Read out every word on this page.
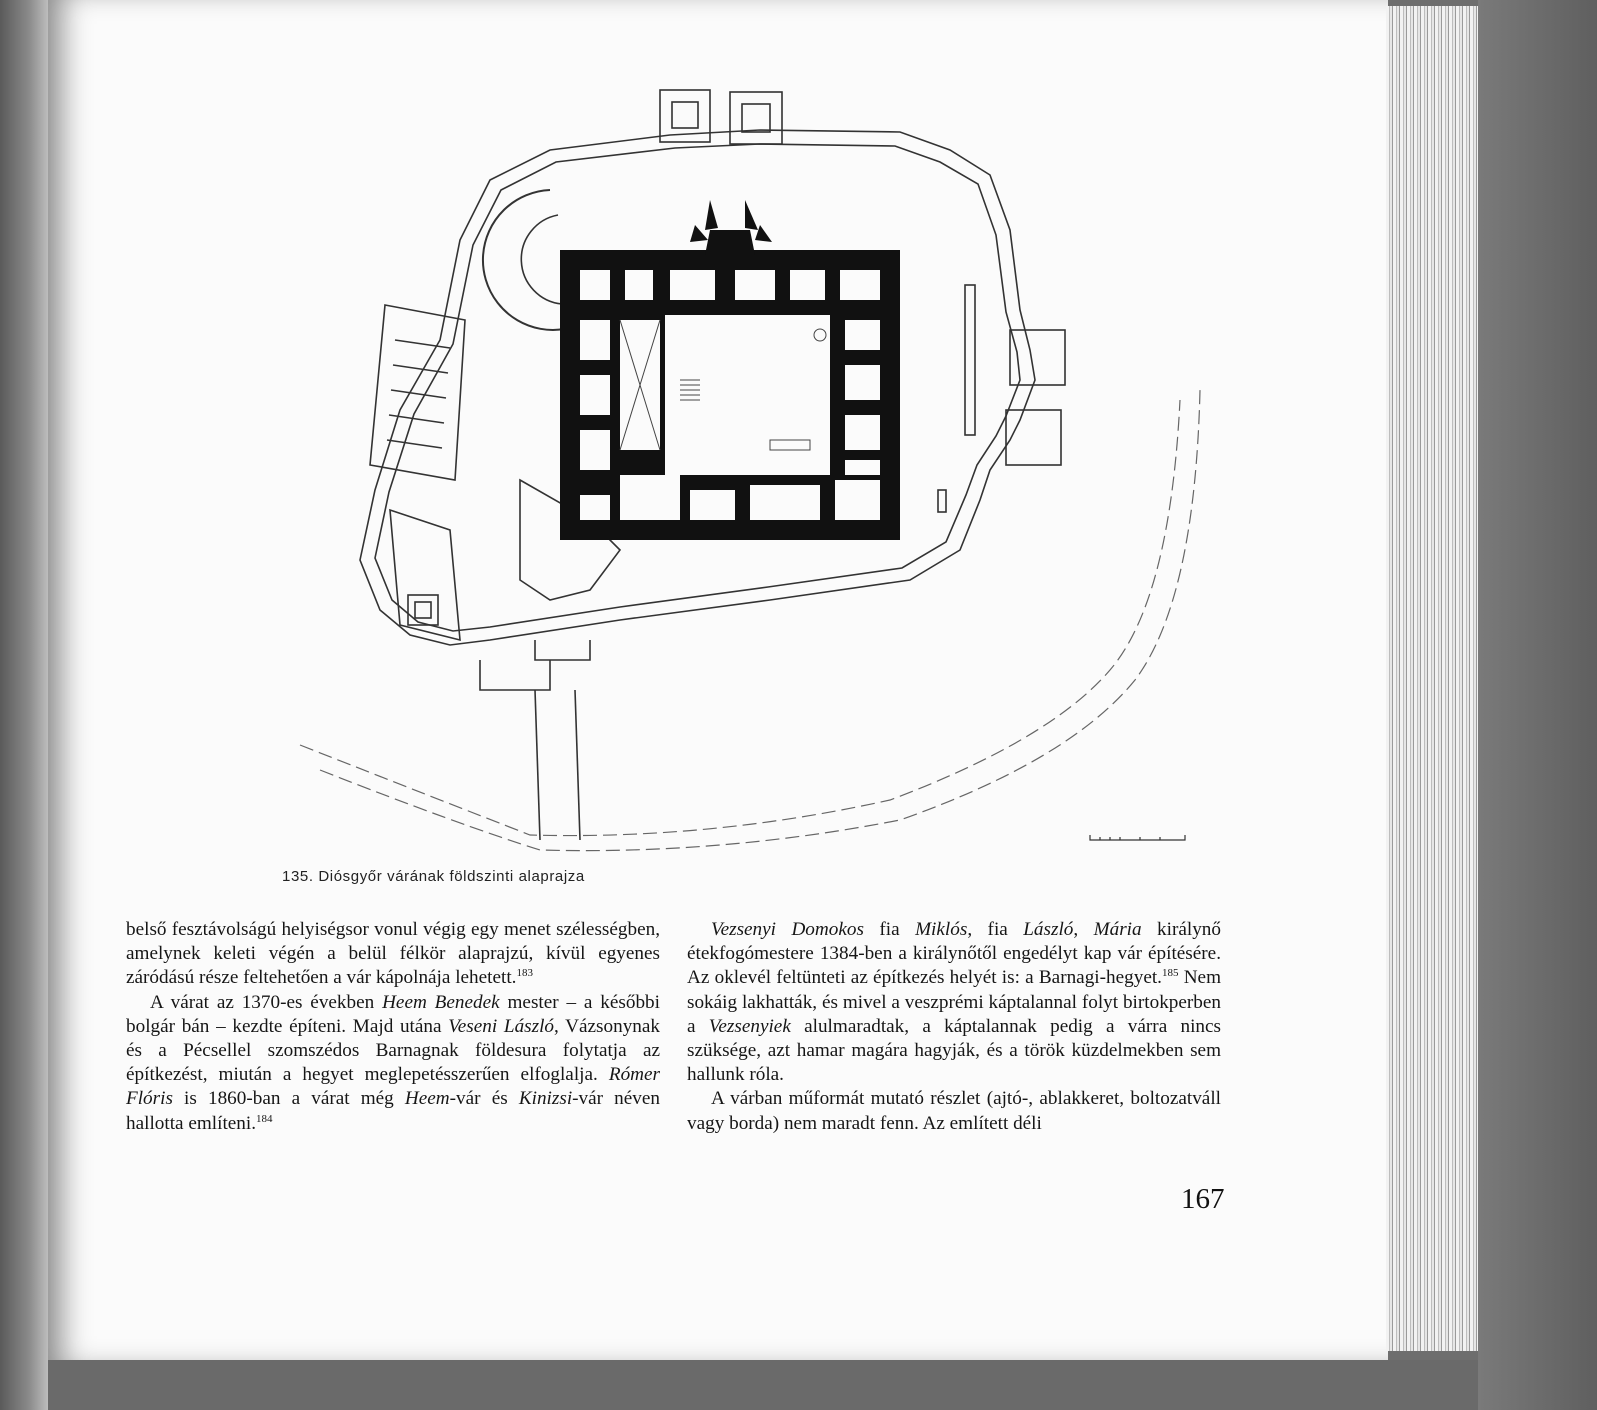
135. Diósgyőr várának földszinti alaprajza

belső fesztávolságú helyiségsor vonul végig egy menet szélességben, amelynek keleti végén a belül félkör alaprajzú, kívül egyenes záródású része feltehetően a vár kápolnája lehetett.$^{183}$

A várat az 1370-es években Heem Benedek mester – a későbbi bolgár bán – kezdte építeni. Majd utána Veseni László, Vázsonynak és a Pécsellel szomszédos Barnagnak földesura folytatja az építkezést, miután a hegyet meglepetésszerűen elfoglalja. Rómer Flóris is 1860-ban a várat még Heem-vár és Kinizsi-vár néven hallotta említeni.$^{184}$

Vezsenyi Domokos fia Miklós, fia László, Mária királynő étekfogómestere 1384-ben a királynőtől engedélyt kap vár építésére. Az oklevél feltünteti az építkezés helyét is: a Barnagi-hegyet.$^{185}$ Nem sokáig lakhatták, és mivel a veszprémi káptalannal folyt birtokperben a Vezsenyiek alulmaradtak, a káptalannak pedig a várra nincs szüksége, azt hamar magára hagyják, és a török küzdelmekben sem hallunk róla.

A várban műformát mutató részlet (ajtó-, ablakkeret, boltozatváll vagy borda) nem maradt fenn. Az említett déli

167
